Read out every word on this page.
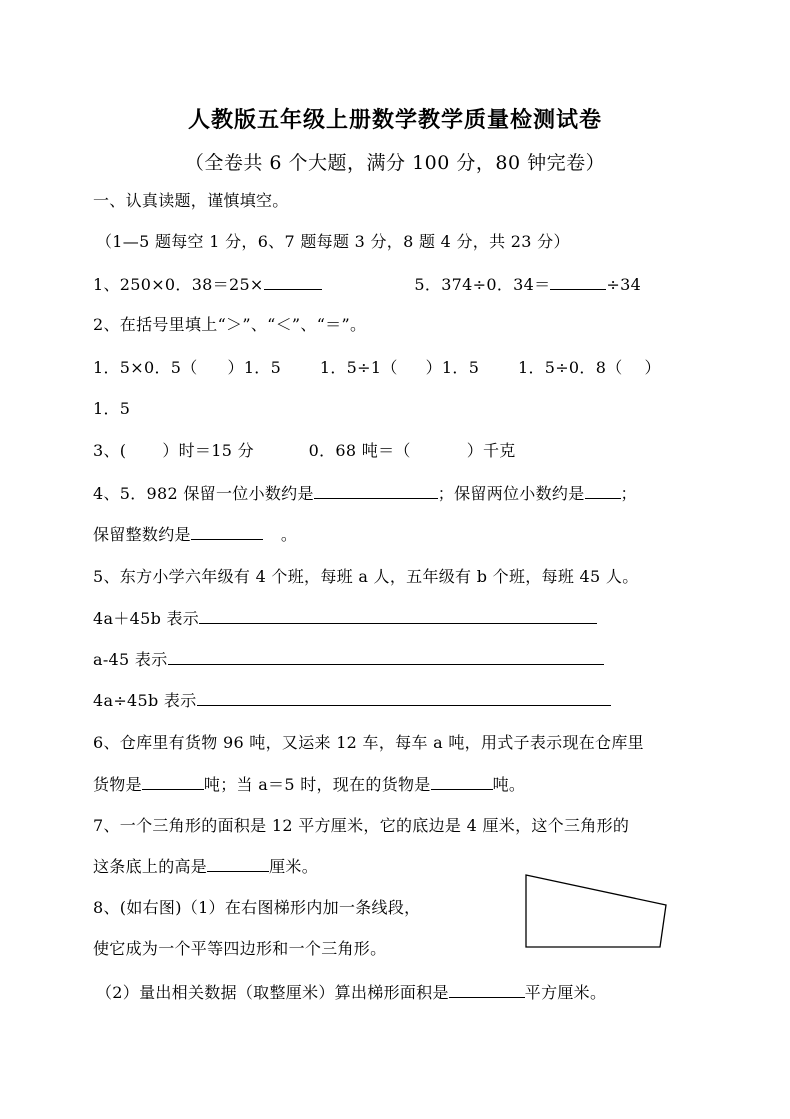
人教版五年级上册数学教学质量检测试卷
（全卷共 6 个大题，满分 100 分，80 钟完卷）
一、认真读题，谨慎填空。
（1—5 题每空 1 分，6、7 题每题 3 分，8 题 4 分，共 23 分）
1、250×0．38＝25×	5．374÷0．34＝	÷34
2、在括号里填上“＞”、“＜”、“＝”。
1．5×0．5（ ）1．5 1．5÷1（ ）1．5 1．5÷0．8（ ）
1．5
3、( ）时＝15 分	0．68 吨＝（	）千克
4、5．982 保留一位小数约是	；保留两位小数约是 ；
保留整数约是	。
5、东方小学六年级有 4 个班，每班 a 人，五年级有 b 个班，每班 45 人。
4a＋45b 表示
a-45 表示
4a÷45b 表示
6、仓库里有货物 96 吨，又运来 12 车，每车 a 吨，用式子表示现在仓库里
货物是	吨；当 a＝5 时，现在的货物是	吨。
7、一个三角形的面积是 12 平方厘米，它的底边是 4 厘米，这个三角形的
这条底上的高是	厘米。
8、(如右图)（1）在右图梯形内加一条线段，
使它成为一个平等四边形和一个三角形。
（2）量出相关数据（取整厘米）算出梯形面积是	平方厘米。
